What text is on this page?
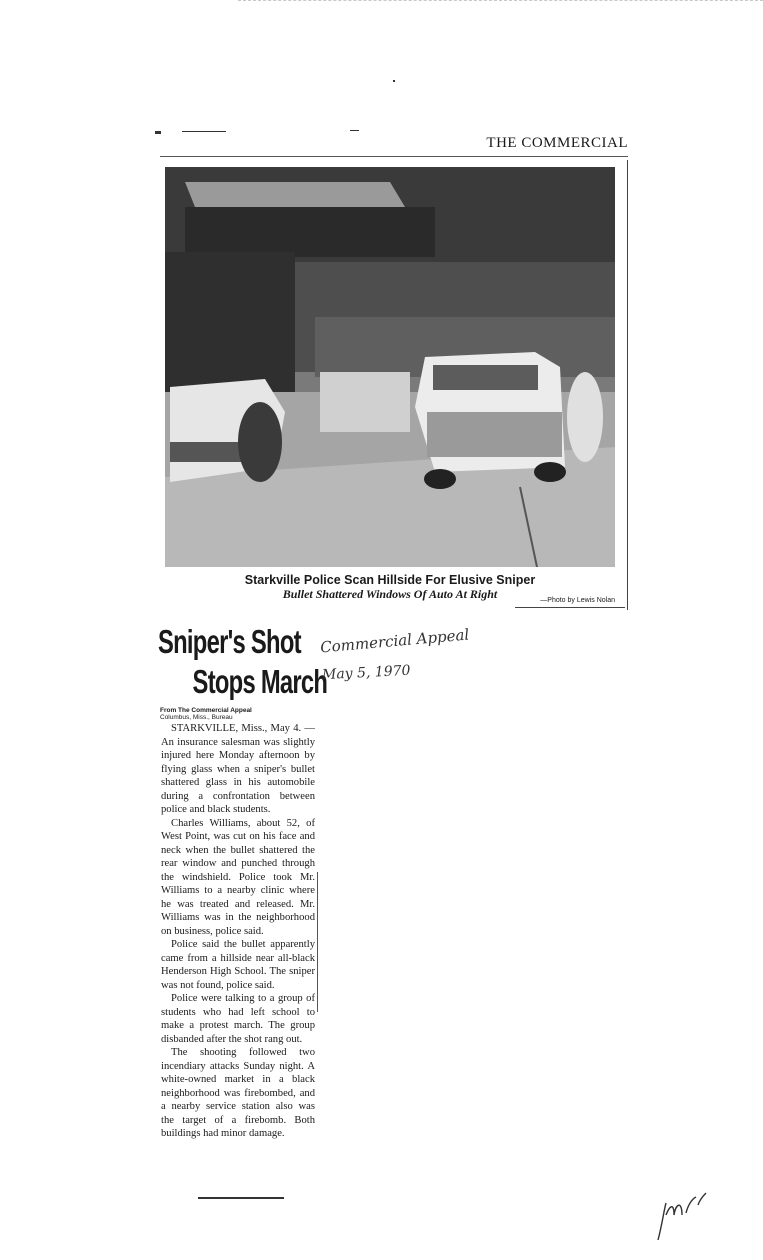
THE COMMERCIAL
Starkville Police Scan Hillside For Elusive Sniper
Bullet Shattered Windows Of Auto At Right	—Photo by Lewis Nolan
Sniper's Shot
Stops March
Commercial Appeal
May 5, 1970
From The Commercial Appeal
Columbus, Miss., Bureau

STARKVILLE, Miss., May 4. — An insurance salesman was slightly injured here Monday afternoon by flying glass when a sniper's bullet shattered glass in his automobile during a confrontation between police and black students.

Charles Williams, about 52, of West Point, was cut on his face and neck when the bullet shattered the rear window and punched through the windshield. Police took Mr. Williams to a nearby clinic where he was treated and released. Mr. Williams was in the neighborhood on business, police said.

Police said the bullet apparently came from a hillside near all-black Henderson High School. The sniper was not found, police said.

Police were talking to a group of students who had left school to make a protest march. The group disbanded after the shot rang out.

The shooting followed two incendiary attacks Sunday night. A white-owned market in a black neighborhood was firebombed, and a nearby service station also was the target of a firebomb. Both buildings had minor damage.
